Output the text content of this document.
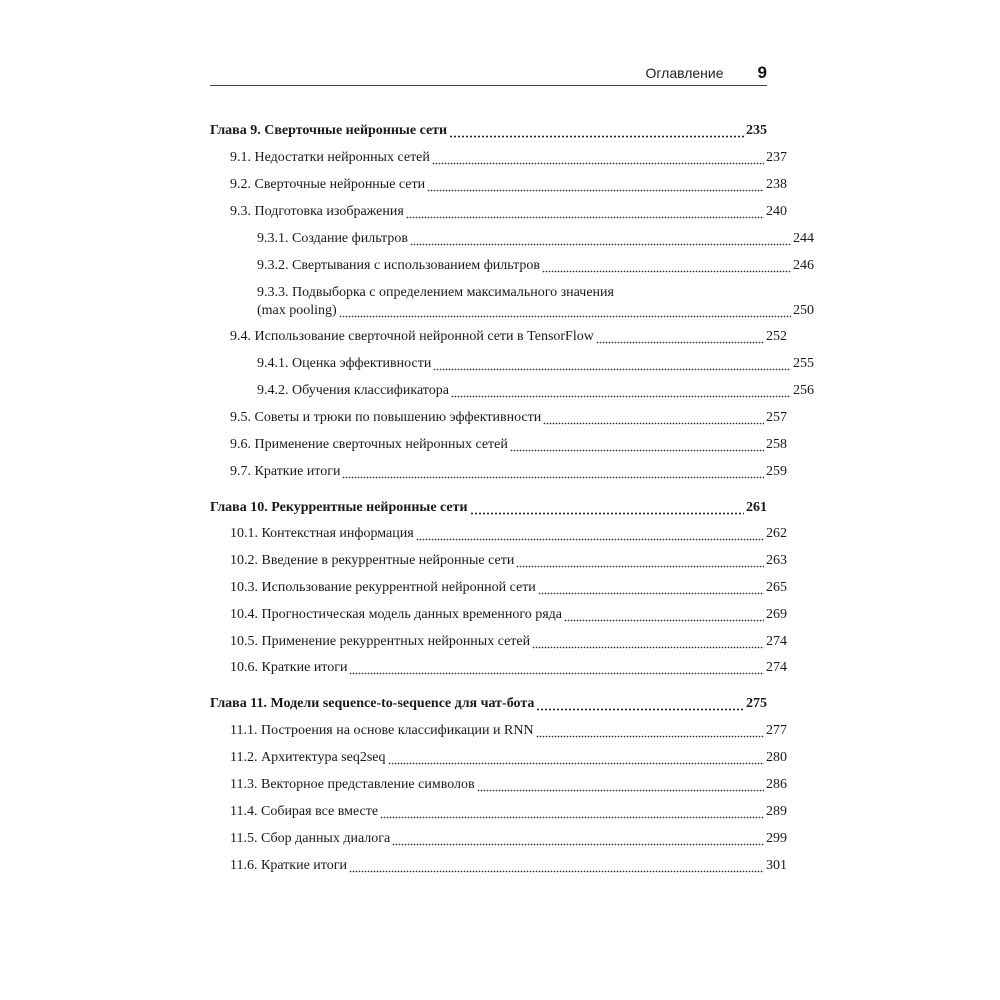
Оглавление 9
Глава 9. Сверточные нейронные сети	235
9.1. Недостатки нейронных сетей	237
9.2. Сверточные нейронные сети	238
9.3. Подготовка изображения	240
9.3.1. Создание фильтров	244
9.3.2. Свертывания с использованием фильтров	246
9.3.3. Подвыборка с определением максимального значения
(max pooling)	250
9.4. Использование сверточной нейронной сети в TensorFlow	252
9.4.1. Оценка эффективности	255
9.4.2. Обучения классификатора	256
9.5. Советы и трюки по повышению эффективности	257
9.6. Применение сверточных нейронных сетей	258
9.7. Краткие итоги	259
Глава 10. Рекуррентные нейронные сети	261
10.1. Контекстная информация	262
10.2. Введение в рекуррентные нейронные сети	263
10.3. Использование рекуррентной нейронной сети	265
10.4. Прогностическая модель данных временного ряда	269
10.5. Применение рекуррентных нейронных сетей	274
10.6. Краткие итоги	274
Глава 11. Модели sequence-to-sequence для чат-бота	275
11.1. Построения на основе классификации и RNN	277
11.2. Архитектура seq2seq	280
11.3. Векторное представление символов	286
11.4. Собирая все вместе	289
11.5. Сбор данных диалога	299
11.6. Краткие итоги	301
